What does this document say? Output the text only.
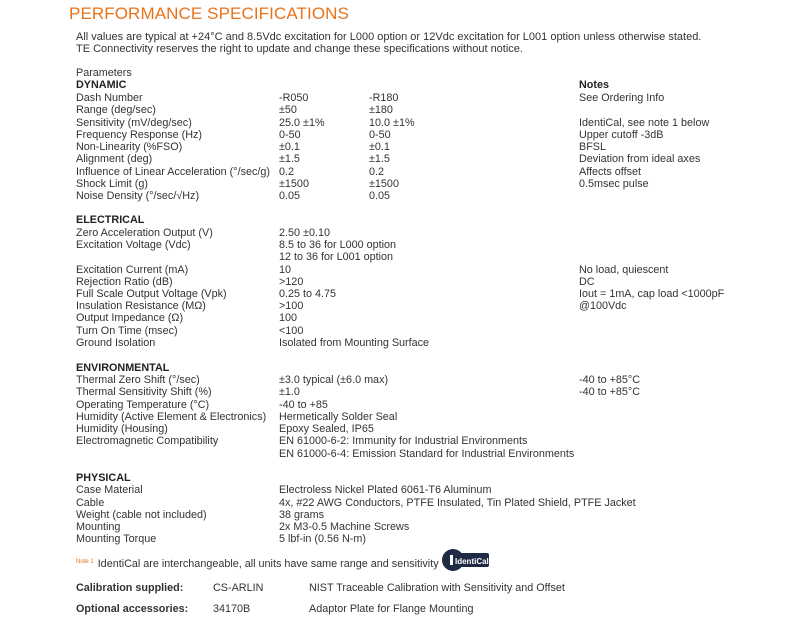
PERFORMANCE SPECIFICATIONS
All values are typical at +24°C and 8.5Vdc excitation for L000 option or 12Vdc excitation for L001 option unless otherwise stated.
TE Connectivity reserves the right to update and change these specifications without notice.
Parameters
Notes
DYNAMIC
Dash Number	-R050	-R180	See Ordering Info
Range (deg/sec)	±50	±180
Sensitivity (mV/deg/sec)	25.0 ±1%	10.0 ±1%	IdentiCal, see note 1 below
Frequency Response (Hz)	0-50	0-50	Upper cutoff -3dB
Non-Linearity (%FSO)	±0.1	±0.1	BFSL
Alignment (deg)	±1.5	±1.5	Deviation from ideal axes
Influence of Linear Acceleration (°/sec/g) 0.2	0.2	Affects offset
Shock Limit (g)	±1500	±1500	0.5msec pulse
Noise Density (°/sec/√Hz)	0.05	0.05
ELECTRICAL
Zero Acceleration Output (V)	2.50 ±0.10
Excitation Voltage (Vdc)	8.5 to 36 for L000 option
12 to 36 for L001 option
Excitation Current (mA)	10	No load, quiescent
Rejection Ratio (dB)	>120	DC
Full Scale Output Voltage (Vpk)	0.25 to 4.75	Iout = 1mA, cap load <1000pF
Insulation Resistance (MΩ)	>100	@100Vdc
Output Impedance (Ω)	100
Turn On Time (msec)	<100
Ground Isolation	Isolated from Mounting Surface
ENVIRONMENTAL
Thermal Zero Shift (°/sec)	±3.0 typical (±6.0 max)	-40 to +85°C
Thermal Sensitivity Shift (%)	±1.0	-40 to +85°C
Operating Temperature (°C)	-40 to +85
Humidity (Active Element & Electronics) Hermetically Solder Seal
Humidity (Housing)	Epoxy Sealed, IP65
Electromagnetic Compatibility	EN 61000-6-2: Immunity for Industrial Environments
EN 61000-6-4: Emission Standard for Industrial Environments
PHYSICAL
Case Material	Electroless Nickel Plated 6061-T6 Aluminum
Cable	4x, #22 AWG Conductors, PTFE Insulated, Tin Plated Shield, PTFE Jacket
Weight (cable not included)	38 grams
Mounting	2x M3-0.5 Machine Screws
Mounting Torque	5 lbf-in (0.56 N-m)
$^{Note 1}$ IdentiCal are interchangeable, all units have same range and sensitivity IdentiCal
Calibration supplied:	CS-ARLIN	NIST Traceable Calibration with Sensitivity and Offset
Optional accessories: 34170B	Adaptor Plate for Flange Mounting
